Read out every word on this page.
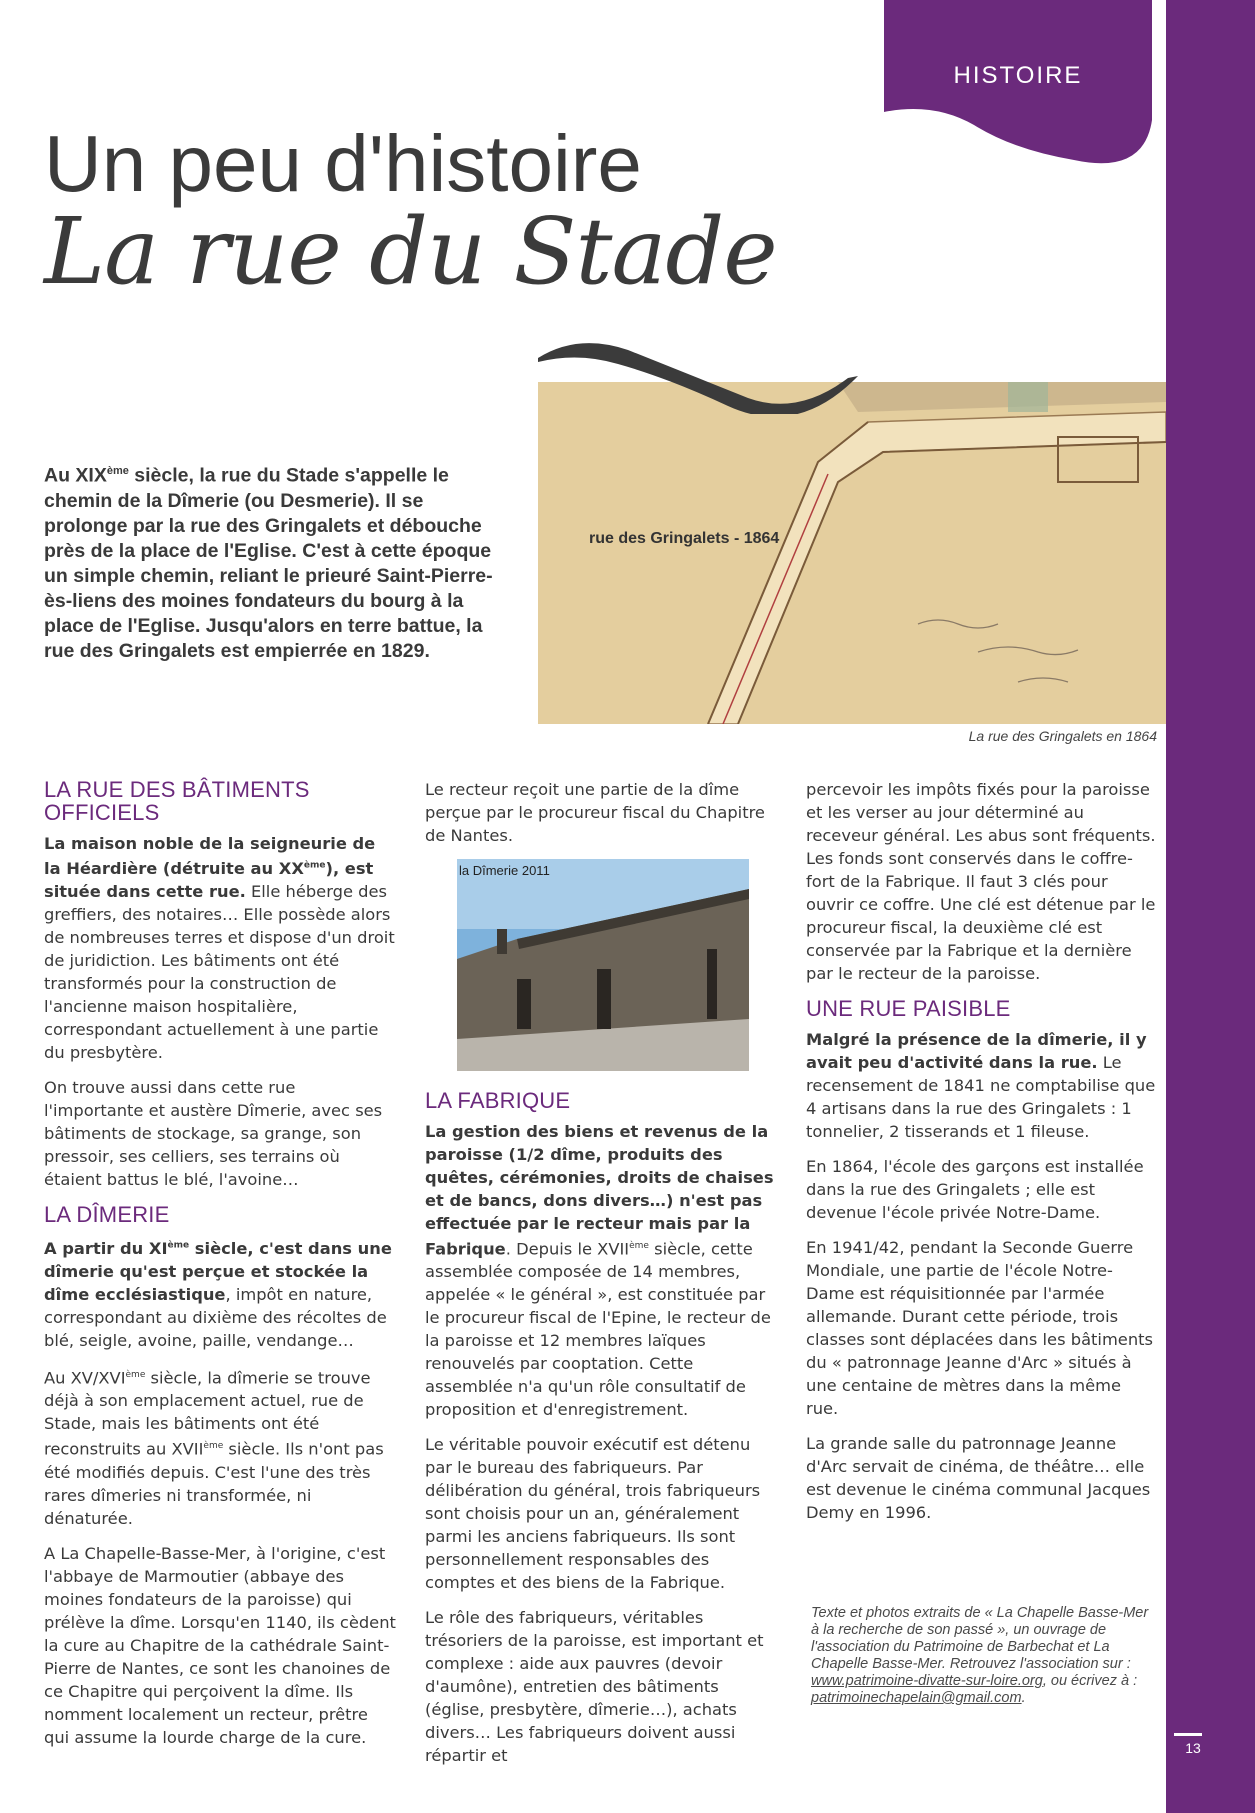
13
HISTOIRE
Un peu d'histoire
La rue du Stade
rue des Gringalets - 1864
La rue des Gringalets en 1864
Au XIXème siècle, la rue du Stade s'appelle le chemin de la Dîmerie (ou Desmerie). Il se prolonge par la rue des Gringalets et débouche près de la place de l'Eglise. C'est à cette époque un simple chemin, reliant le prieuré Saint-Pierre-ès-liens des moines fondateurs du bourg à la place de l'Eglise. Jusqu'alors en terre battue, la rue des Gringalets est empierrée en 1829.
LA RUE DES BÂTIMENTS OFFICIELS

La maison noble de la seigneurie de la Héardière (détruite au XXème), est située dans cette rue. Elle héberge des greffiers, des notaires… Elle possède alors de nombreuses terres et dispose d'un droit de juridiction. Les bâtiments ont été transformés pour la construction de l'ancienne maison hospitalière, correspondant actuellement à une partie du presbytère.

On trouve aussi dans cette rue l'importante et austère Dîmerie, avec ses bâtiments de stockage, sa grange, son pressoir, ses celliers, ses terrains où étaient battus le blé, l'avoine…

LA DÎMERIE

A partir du XIème siècle, c'est dans une dîmerie qu'est perçue et stockée la dîme ecclésiastique, impôt en nature, correspondant au dixième des récoltes de blé, seigle, avoine, paille, vendange…

Au XV/XVIème siècle, la dîmerie se trouve déjà à son emplacement actuel, rue de Stade, mais les bâtiments ont été reconstruits au XVIIème siècle. Ils n'ont pas été modifiés depuis. C'est l'une des très rares dîmeries ni transformée, ni dénaturée.

A La Chapelle-Basse-Mer, à l'origine, c'est l'abbaye de Marmoutier (abbaye des moines fondateurs de la paroisse) qui prélève la dîme. Lorsqu'en 1140, ils cèdent la cure au Chapitre de la cathédrale Saint-Pierre de Nantes, ce sont les chanoines de ce Chapitre qui perçoivent la dîme. Ils nomment localement un recteur, prêtre qui assume la lourde charge de la cure.

Le recteur reçoit une partie de la dîme perçue par le procureur fiscal du Chapitre de Nantes.

la Dîmerie 2011
LA FABRIQUE

La gestion des biens et revenus de la paroisse (1/2 dîme, produits des quêtes, cérémonies, droits de chaises et de bancs, dons divers…) n'est pas effectuée par le recteur mais par la Fabrique. Depuis le XVIIème siècle, cette assemblée composée de 14 membres, appelée « le général », est constituée par le procureur fiscal de l'Epine, le recteur de la paroisse et 12 membres laïques renouvelés par cooptation. Cette assemblée n'a qu'un rôle consultatif de proposition et d'enregistrement.

Le véritable pouvoir exécutif est détenu par le bureau des fabriqueurs. Par délibération du général, trois fabriqueurs sont choisis pour un an, généralement parmi les anciens fabriqueurs. Ils sont personnellement responsables des comptes et des biens de la Fabrique.

Le rôle des fabriqueurs, véritables trésoriers de la paroisse, est important et complexe : aide aux pauvres (devoir d'aumône), entretien des bâtiments (église, presbytère, dîmerie…), achats divers… Les fabriqueurs doivent aussi répartir et

percevoir les impôts fixés pour la paroisse et les verser au jour déterminé au receveur général. Les abus sont fréquents. Les fonds sont conservés dans le coffre-fort de la Fabrique. Il faut 3 clés pour ouvrir ce coffre. Une clé est détenue par le procureur fiscal, la deuxième clé est conservée par la Fabrique et la dernière par le recteur de la paroisse.

UNE RUE PAISIBLE

Malgré la présence de la dîmerie, il y avait peu d'activité dans la rue. Le recensement de 1841 ne comptabilise que 4 artisans dans la rue des Gringalets : 1 tonnelier, 2 tisserands et 1 fileuse.

En 1864, l'école des garçons est installée dans la rue des Gringalets ; elle est devenue l'école privée Notre-Dame.

En 1941/42, pendant la Seconde Guerre Mondiale, une partie de l'école Notre-Dame est réquisitionnée par l'armée allemande. Durant cette période, trois classes sont déplacées dans les bâtiments du « patronnage Jeanne d'Arc » situés à une centaine de mètres dans la même rue.

La grande salle du patronnage Jeanne d'Arc servait de cinéma, de théâtre… elle est devenue le cinéma communal Jacques Demy en 1996.

Texte et photos extraits de « La Chapelle Basse-Mer à la recherche de son passé », un ouvrage de l'association du Patrimoine de Barbechat et La Chapelle Basse-Mer. Retrouvez l'association sur : www.patrimoine-divatte-sur-loire.org, ou écrivez à : patrimoinechapelain@gmail.com.
